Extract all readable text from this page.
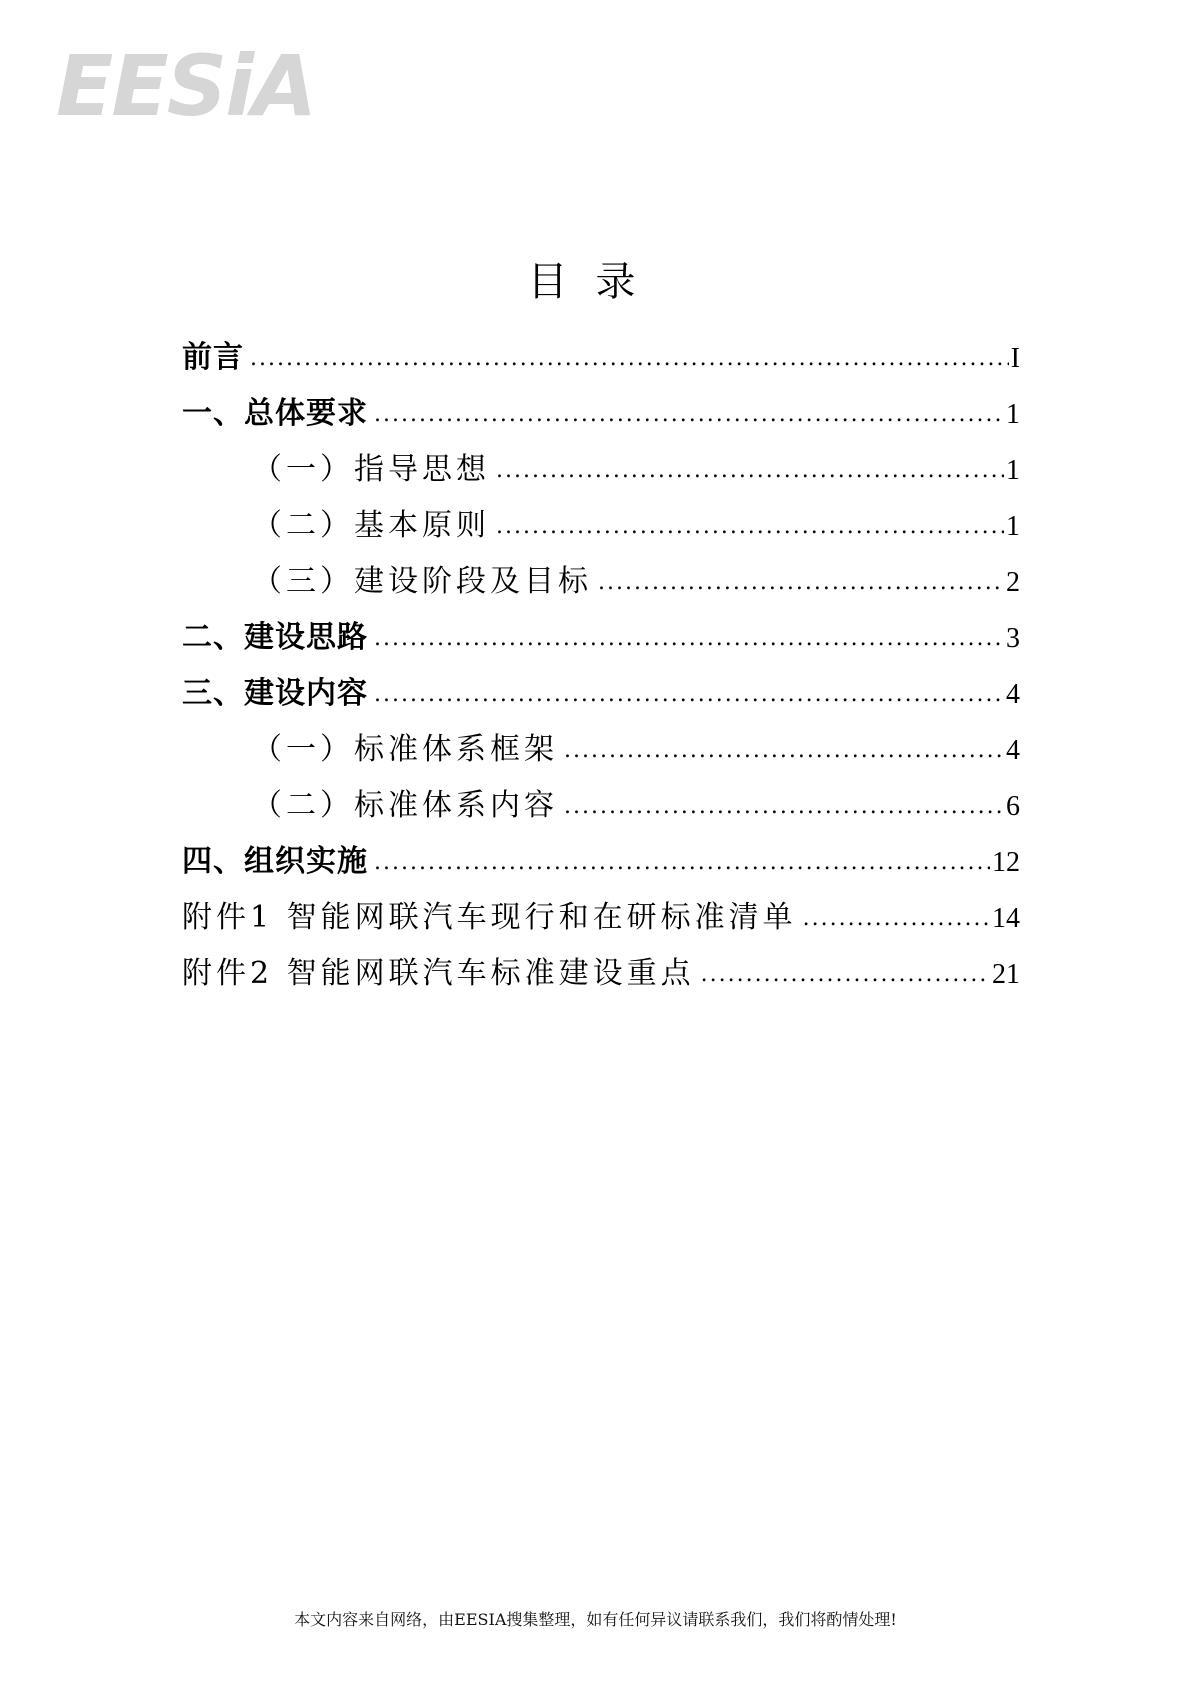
EESiA
目录
前言 .....	I
一、总体要求 .....	1
（一）指导思想 .....	1
（二）基本原则 .....	1
（三）建设阶段及目标 .....	2
二、建设思路 .....	3
三、建设内容 .....	4
（一）标准体系框架 .....	4
（二）标准体系内容 .....	6
四、组织实施 .....	12
附件1 智能网联汽车现行和在研标准清单 .....	14
附件2 智能网联汽车标准建设重点 .....	21
本文内容来自网络，由EESIA搜集整理，如有任何异议请联系我们，我们将酌情处理!
